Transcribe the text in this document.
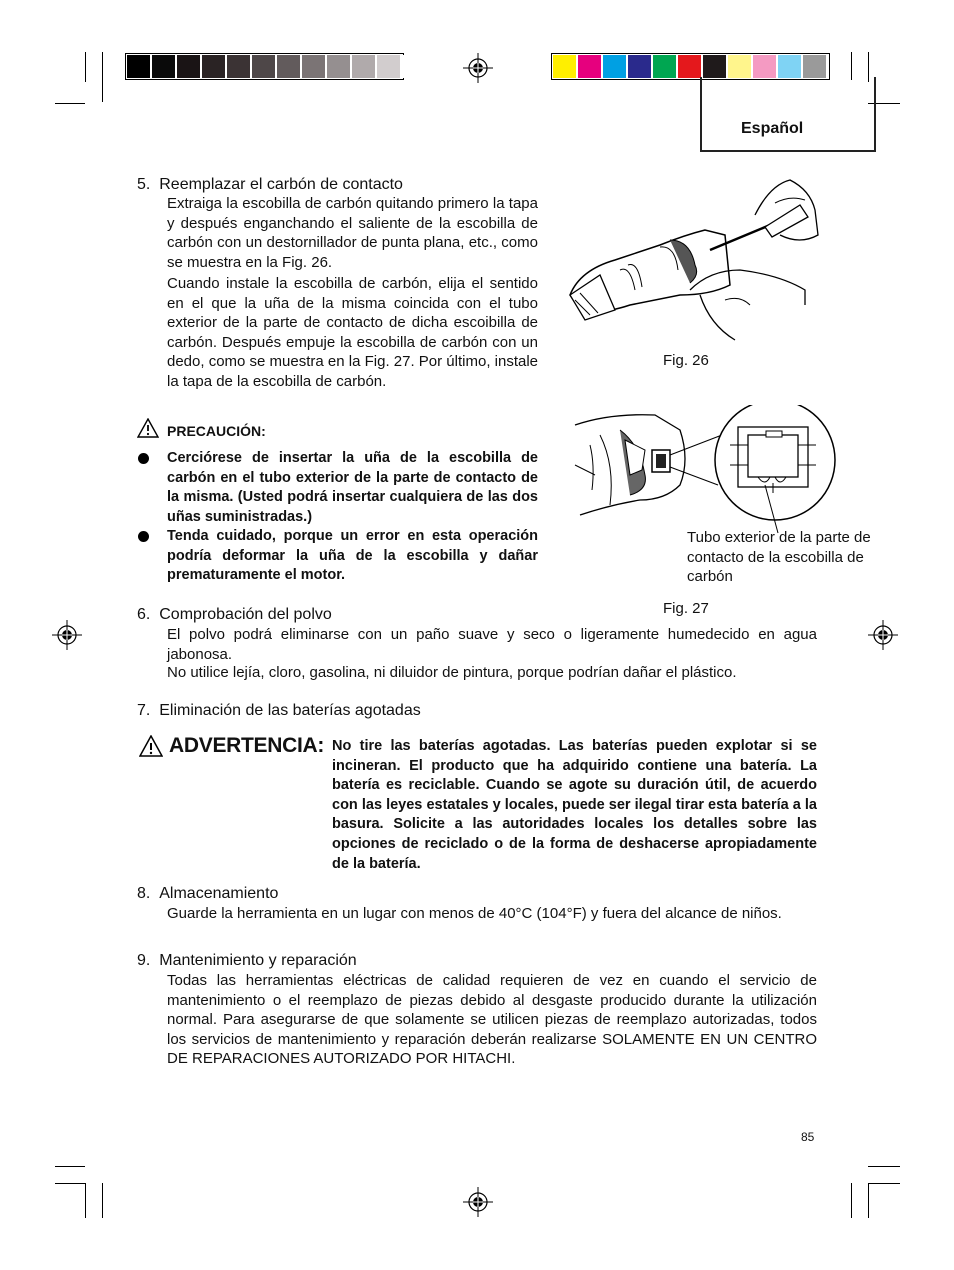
Español
5.  Reemplazar el carbón de contacto
Extraiga la escobilla de carbón quitando primero la tapa y después enganchando el saliente de la escobilla de carbón con un destornillador de punta plana, etc., como se muestra en la Fig. 26.
Cuando instale la escobilla de carbón, elija el sentido en el que la uña de la misma coincida con el tubo exterior de la parte de contacto de dicha escoibilla de carbón. Después empuje la escobilla de carbón con un dedo, como se muestra en la Fig. 27. Por último, instale la tapa de la escobilla de carbón.
PRECAUCIÓN:
Cerciórese de insertar la uña de la escobilla de carbón en el tubo exterior de la parte de contacto de la misma. (Usted podrá insertar cualquiera de las dos uñas suministradas.)
Tenda cuidado, porque un error en esta operación podría deformar la uña de la escobilla y dañar prematuramente el motor.
Fig. 26
Tubo exterior de la parte de contacto de la escobilla de carbón
Fig. 27
6.  Comprobación del polvo
El polvo podrá eliminarse con un paño suave y seco o ligeramente humedecido en agua jabonosa.
No utilice lejía, cloro, gasolina, ni diluidor de pintura, porque podrían dañar el plástico.
7.  Eliminación de las baterías agotadas
ADVERTENCIA: No tire las baterías agotadas. Las baterías pueden explotar si se incineran. El producto que ha adquirido contiene una batería. La batería es reciclable. Cuando se agote su duración útil, de acuerdo con las leyes estatales y locales, puede ser ilegal tirar esta batería a la basura. Solicite a las autoridades locales los detalles sobre las opciones de reciclado o de la forma de deshacerse apropiadamente de la batería.
8.  Almacenamiento
Guarde la herramienta en un lugar con menos de 40°C (104°F) y fuera del alcance de niños.
9.  Mantenimiento y reparación
Todas las herramientas eléctricas de calidad requieren de vez en cuando el servicio de mantenimiento o el reemplazo de piezas debido al desgaste producido durante la utilización normal. Para asegurarse de que solamente se utilicen piezas de reemplazo autorizadas, todos los servicios de mantenimiento y reparación deberán realizarse SOLAMENTE EN UN CENTRO DE REPARACIONES AUTORIZADO POR HITACHI.
85
